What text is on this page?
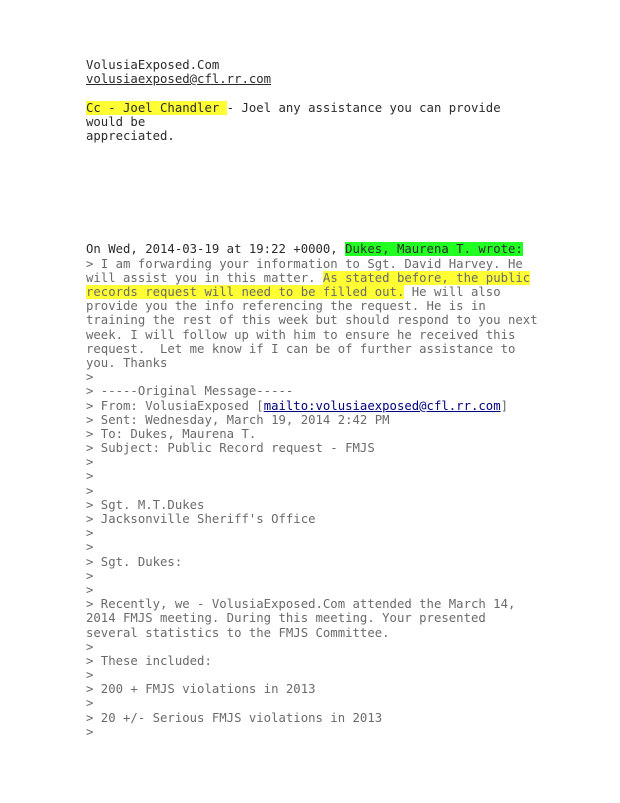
VolusiaExposed.Com
volusiaexposed@cfl.rr.com
Cc - Joel Chandler - Joel any assistance you can provide
would be
appreciated.
On Wed, 2014-03-19 at 19:22 +0000, Dukes, Maurena T. wrote:
> I am forwarding your information to Sgt. David Harvey. He
will assist you in this matter. As stated before, the public
records request will need to be filled out. He will also
provide you the info referencing the request. He is in
training the rest of this week but should respond to you next
week. I will follow up with him to ensure he received this
request.  Let me know if I can be of further assistance to
you. Thanks
>
> -----Original Message-----
> From: VolusiaExposed [mailto:volusiaexposed@cfl.rr.com]
> Sent: Wednesday, March 19, 2014 2:42 PM
> To: Dukes, Maurena T.
> Subject: Public Record request - FMJS
>
>
>
> Sgt. M.T.Dukes
> Jacksonville Sheriff's Office
>
>
> Sgt. Dukes:
>
>
> Recently, we - VolusiaExposed.Com attended the March 14,
2014 FMJS meeting. During this meeting. Your presented
several statistics to the FMJS Committee.
>
> These included:
>
> 200 + FMJS violations in 2013
>
> 20 +/- Serious FMJS violations in 2013
>
